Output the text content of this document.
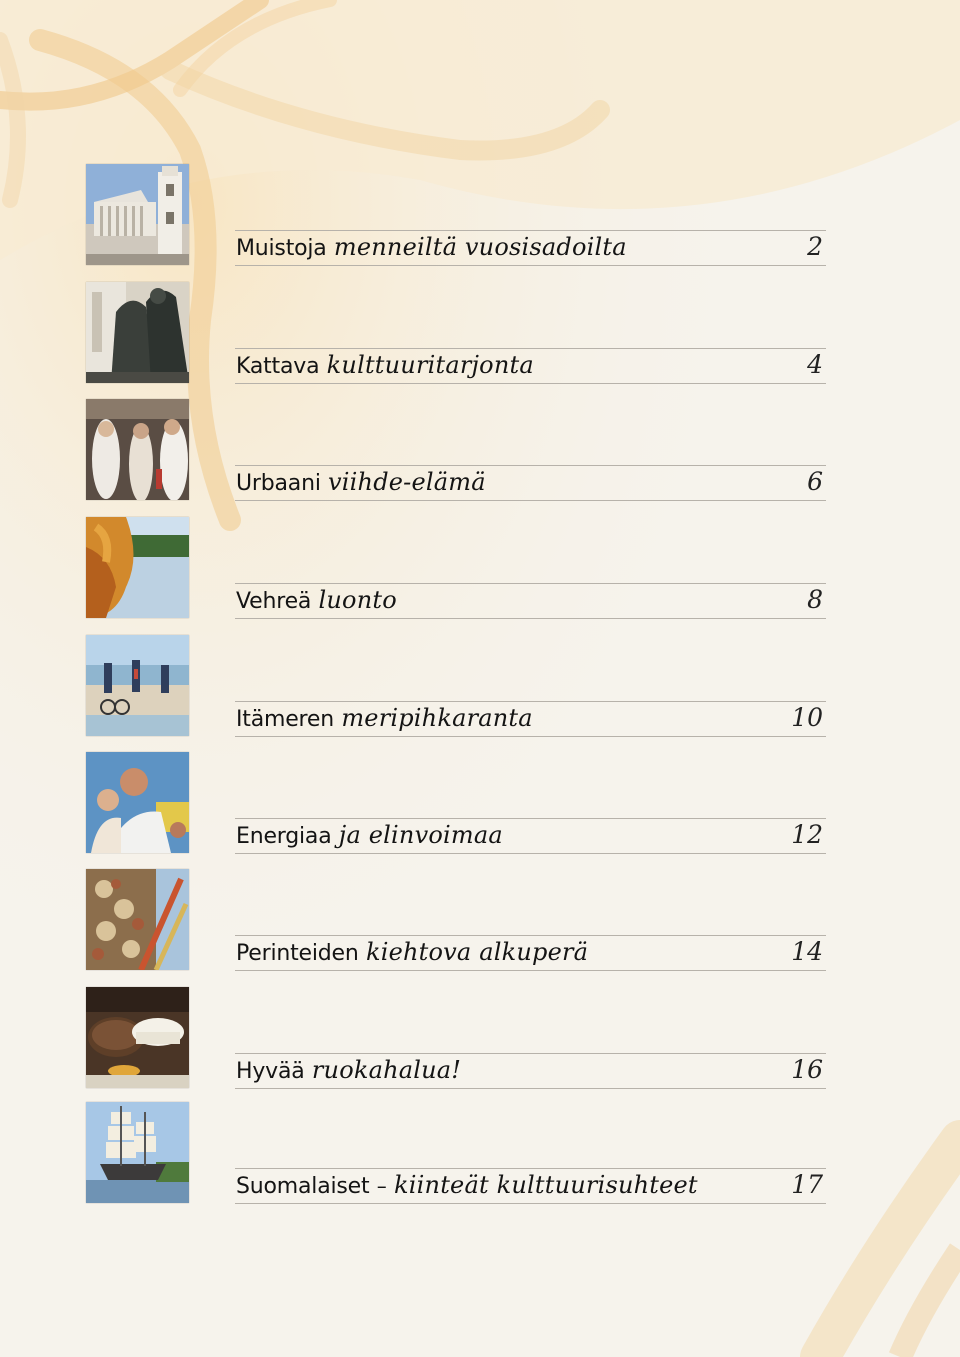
Muistoja menneiltä vuosisadoilta	2
Kattava kulttuuritarjonta	4
Urbaani viihde-elämä	6
Vehreä luonto	8
Itämeren meripihkaranta	10
Energiaa ja elinvoimaa	12
Perinteiden kiehtova alkuperä	14
Hyvää ruokahalua!	16
Suomalaiset – kiinteät kulttuurisuhteet	17
